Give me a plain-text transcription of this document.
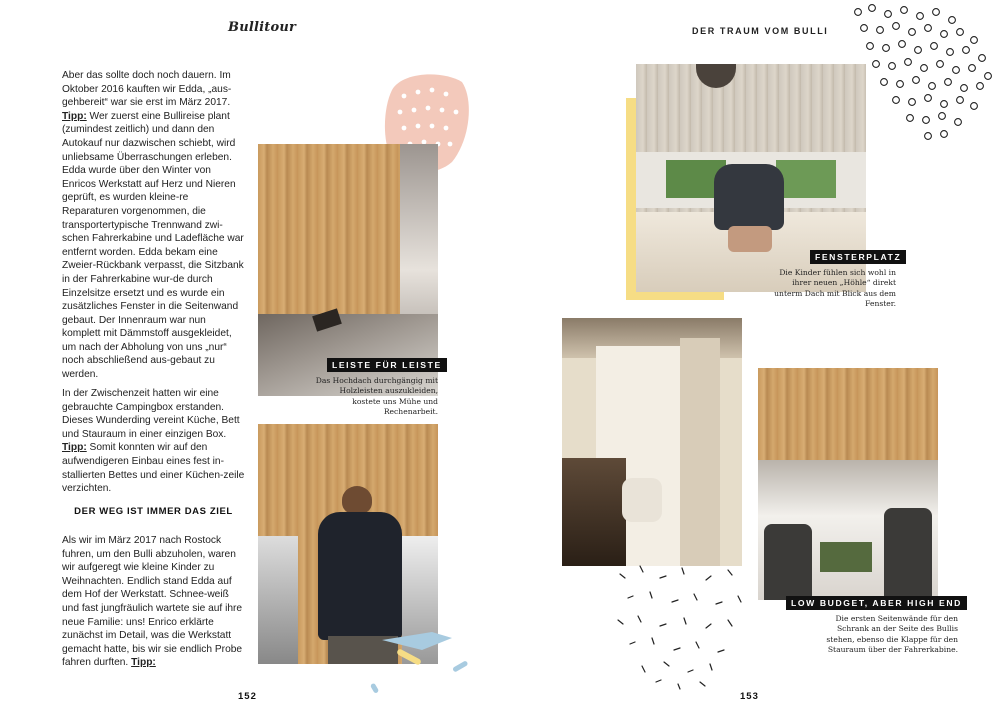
Bullitour
Aber das sollte doch noch dauern. Im Oktober 2016 kauften wir Edda, „aus-gehbereit“ war sie erst im März 2017. Tipp: Wer zuerst eine Bullireise plant (zumindest zeitlich) und dann den Autokauf nur dazwischen schiebt, wird unliebsame Überraschungen erleben. Edda wurde über den Winter von Enricos Werkstatt auf Herz und Nieren geprüft, es wurden kleine-re Reparaturen vorgenommen, die transportertypische Trennwand zwi-schen Fahrerkabine und Ladefläche war entfernt worden. Edda bekam eine Zweier-Rückbank verpasst, die Sitzbank in der Fahrerkabine wur-de durch Einzelsitze ersetzt und es wurde ein zusätzliches Fenster in die Seitenwand gebaut. Der Innenraum war nun komplett mit Dämmstoff ausgekleidet, um nach der Abholung von uns „nur“ noch abschließend aus-gebaut zu werden.
In der Zwischenzeit hatten wir eine gebrauchte Campingbox erstanden. Dieses Wunderding vereint Küche, Bett und Stauraum in einer einzigen Box. Tipp: Somit konnten wir auf den aufwendigeren Einbau eines fest in-stallierten Bettes und einer Küchen-zeile verzichten.
DER WEG IST IMMER DAS ZIEL
Als wir im März 2017 nach Rostock fuhren, um den Bulli abzuholen, waren wir aufgeregt wie kleine Kinder zu Weihnachten. Endlich stand Edda auf dem Hof der Werkstatt. Schnee-weiß und fast jungfräulich wartete sie auf ihre neue Familie: uns! Enrico erklärte zunächst im Detail, was die Werkstatt gemacht hatte, bis wir sie endlich Probe fahren durften. Tipp:
LEISTE FÜR LEISTE
Das Hochdach durchgängig mit Holzleisten auszukleiden, kostete uns Mühe und Rechenarbeit.
152
DER TRAUM VOM BULLI
FENSTERPLATZ
Die Kinder fühlen sich wohl in ihrer neuen „Höhle“ direkt unterm Dach mit Blick aus dem Fenster.
LOW BUDGET, ABER HIGH END
Die ersten Seitenwände für den Schrank an der Seite des Bullis stehen, ebenso die Klappe für den Stauraum über der Fahrerkabine.
153
